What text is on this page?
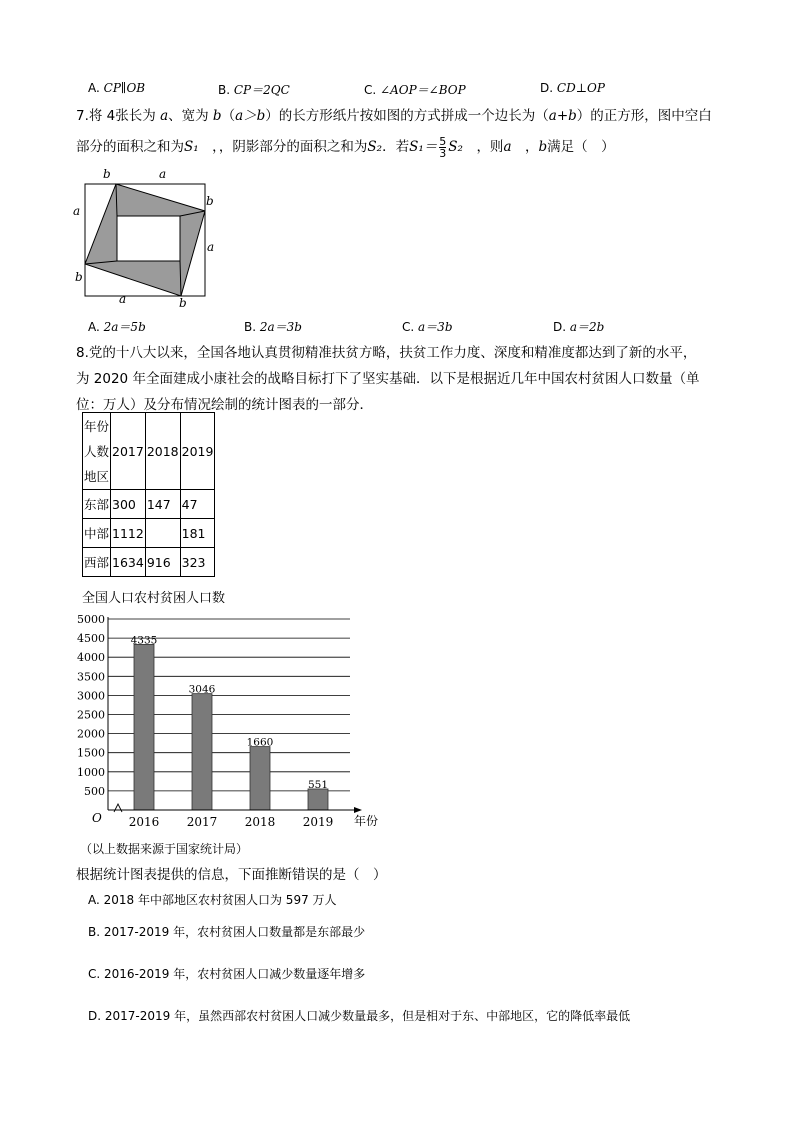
A. CP∥OB	B. CP＝2QC	C. ∠AOP＝∠BOP	D. CD⊥OP
7.将 4张长为 a、宽为 b（a＞b）的长方形纸片按如图的方式拼成一个边长为（a+b）的正方形，图中空白
部分的面积之和为S₁　，，阴影部分的面积之和为S₂．若$S_1= \frac{5}{3} S_2$　 ，则a　 ，b满足（　）
b	a
a
b
b
a
a	b
A. 2a＝5b	B. 2a＝3b	C. a＝3b	D. a＝2b
8.党的十八大以来，全国各地认真贯彻精准扶贫方略，扶贫工作力度、深度和精准度都达到了新的水平，
为 2020 年全面建成小康社会的战略目标打下了坚实基础．以下是根据近几年中国农村贫困人口数量（单
位：万人）及分布情况绘制的统计图表的一部分．
年份
人数
地区	2017	2018	2019
东部	300	147	47
中部	1112		181
西部	1634	916	323
全国人口农村贫困人口数
4335
3046
1660
551
500
1000
1500
2000
2500
3000
3500
4000
4500
5000
O	年份
2016 2017 2018 2019
（以上数据来源于国家统计局）
根据统计图表提供的信息，下面推断错误的是（　）
A. 2018 年中部地区农村贫困人口为 597 万人
B. 2017-2019 年，农村贫困人口数量都是东部最少
C. 2016-2019 年，农村贫困人口减少数量逐年增多
D. 2017-2019 年，虽然西部农村贫困人口减少数量最多，但是相对于东、中部地区，它的降低率最低
